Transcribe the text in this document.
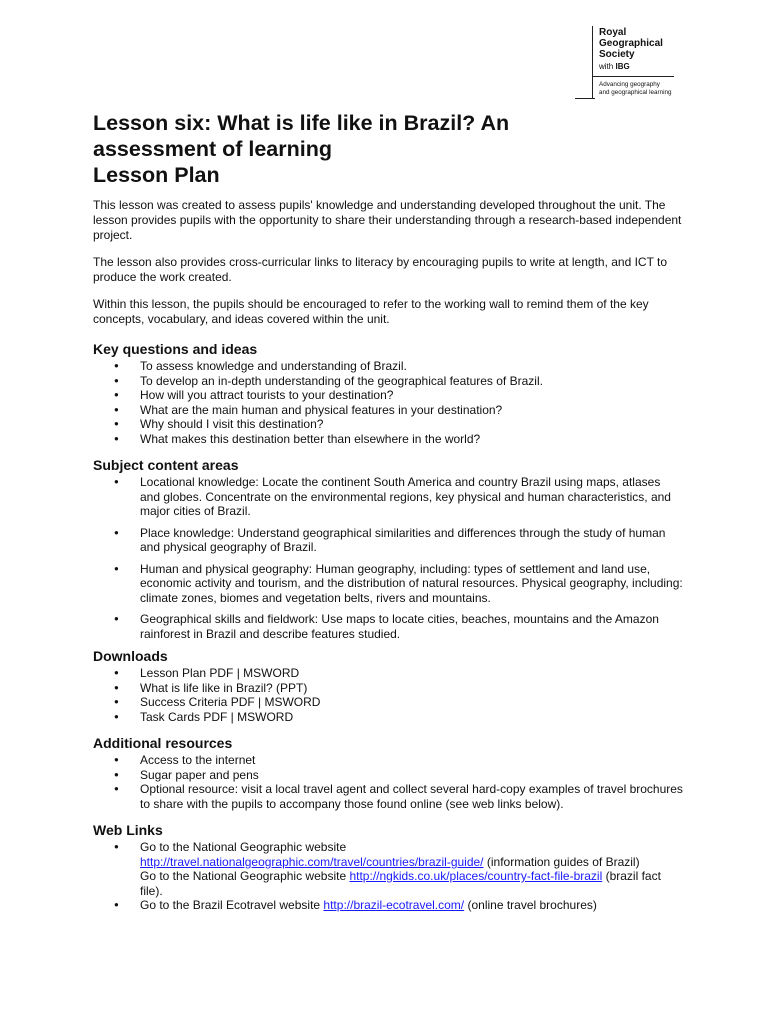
Royal
Geographical
Society
with IBG
Advancing geography
and geographical learning
Lesson six: What is life like in Brazil? An
assessment of learning
Lesson Plan

This lesson was created to assess pupils' knowledge and understanding developed throughout the unit. The lesson provides pupils with the opportunity to share their understanding through a research-based independent project.

The lesson also provides cross-curricular links to literacy by encouraging pupils to write at length, and ICT to produce the work created.

Within this lesson, the pupils should be encouraged to refer to the working wall to remind them of the key concepts, vocabulary, and ideas covered within the unit.

Key questions and ideas
● To assess knowledge and understanding of Brazil.
● To develop an in-depth understanding of the geographical features of Brazil.
● How will you attract tourists to your destination?
● What are the main human and physical features in your destination?
● Why should I visit this destination?
● What makes this destination better than elsewhere in the world?
Subject content areas
● Locational knowledge: Locate the continent South America and country Brazil using maps, atlases and globes. Concentrate on the environmental regions, key physical and human characteristics, and major cities of Brazil.
● Place knowledge: Understand geographical similarities and differences through the study of human and physical geography of Brazil.
● Human and physical geography: Human geography, including: types of settlement and land use, economic activity and tourism, and the distribution of natural resources. Physical geography, including: climate zones, biomes and vegetation belts, rivers and mountains.
● Geographical skills and fieldwork: Use maps to locate cities, beaches, mountains and the Amazon rainforest in Brazil and describe features studied.
Downloads
● Lesson Plan PDF | MSWORD
● What is life like in Brazil? (PPT)
● Success Criteria PDF | MSWORD
● Task Cards PDF | MSWORD
Additional resources
● Access to the internet
● Sugar paper and pens
● Optional resource: visit a local travel agent and collect several hard-copy examples of travel brochures to share with the pupils to accompany those found online (see web links below).
Web Links
● Go to the National Geographic website
http://travel.nationalgeographic.com/travel/countries/brazil-guide/ (information guides of Brazil)
Go to the National Geographic website http://ngkids.co.uk/places/country-fact-file-brazil (brazil fact file).
● Go to the Brazil Ecotravel website http://brazil-ecotravel.com/ (online travel brochures)
